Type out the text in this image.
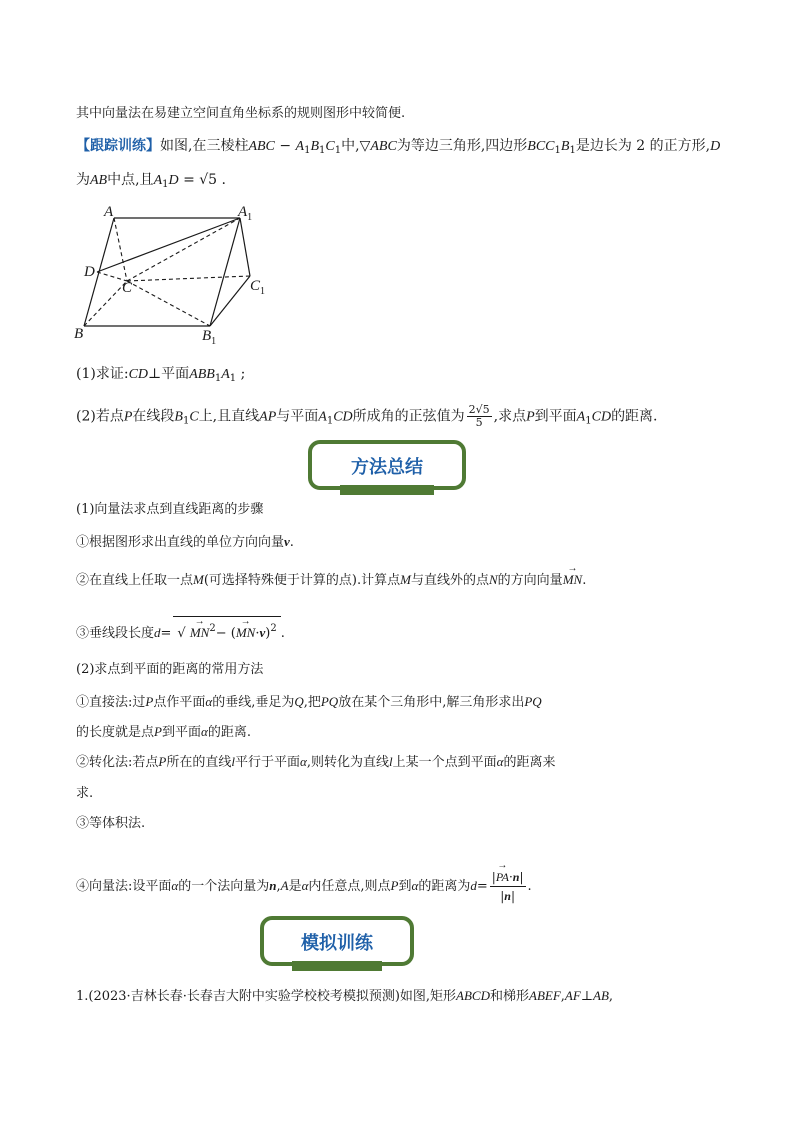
其中向量法在易建立空间直角坐标系的规则图形中较简便.
【跟踪训练】如图,在三棱柱ABC − $A_1B_1C_1$中,▽ABC为等边三角形,四边形$BCC_1B_1$是边长为 2 的正方形,D
为AB中点,且$A_1D = √5$ .
A	$A_1$
D
C	$C_1$
B	$B_1$
(1)求证:CD⊥平面$ABB_1A_1$ ;
(2)若点P在线段$B_1C$上,且直线AP与平面$A_1CD$所成角的正弦值为 $\frac{2√5}{5}$ ,求点P到平面$A_1CD$的距离.
方法总结
(1)向量法求点到直线距离的步骤
①根据图形求出直线的单位方向向量v.
②在直线上任取一点M(可选择特殊便于计算的点).计算点M与直线外的点N的方向向量→ MN.
③垂线段长度d= √ → $MN^2-$ (→ MN·v)$^2$ .
(2)求点到平面的距离的常用方法
①直接法:过P点作平面α的垂线,垂足为Q,把PQ放在某个三角形中,解三角形求出PQ
的长度就是点P到平面α的距离.
②转化法:若点P所在的直线l平行于平面α,则转化为直线l上某一个点到平面α的距离来
求.
③等体积法.
④向量法:设平面α的一个法向量为n,A是α内任意点,则点P到α的距离为$d= \frac{|\to PA\cdot n|}{|n|}$ .
模拟训练
1.(2023·吉林长春·长春吉大附中实验学校校考模拟预测)如图,矩形ABCD和梯形ABEF,AF⊥AB,
